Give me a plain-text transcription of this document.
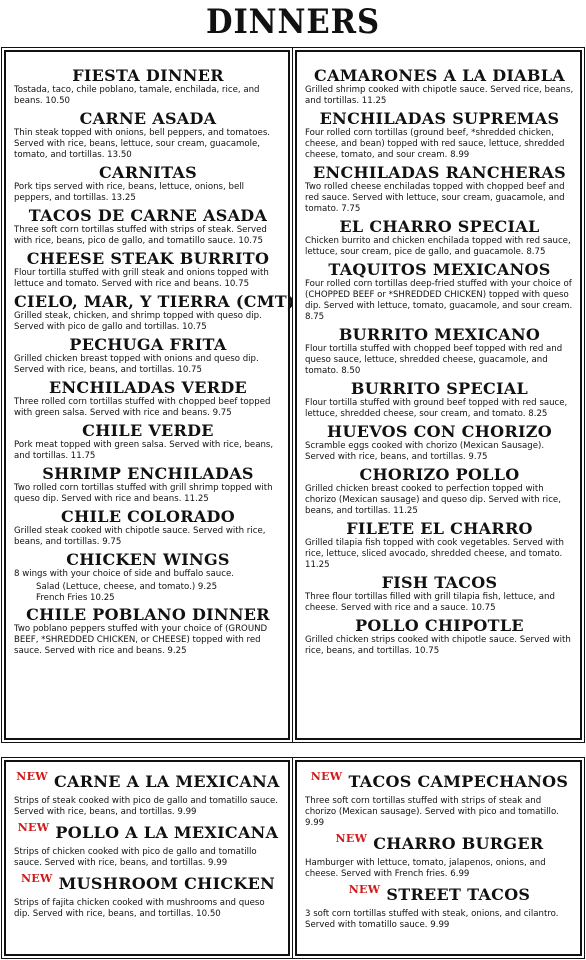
DINNERS
FIESTA DINNER
Tostada, taco, chile poblano, tamale, enchilada, rice, and beans. 10.50
CARNE ASADA
Thin steak topped with onions, bell peppers, and tomatoes. Served with rice, beans, lettuce, sour cream, guacamole, tomato, and tortillas. 13.50
CARNITAS
Pork tips served with rice, beans, lettuce, onions, bell peppers, and tortillas. 13.25
TACOS DE CARNE ASADA
Three soft corn tortillas stuffed with strips of steak. Served with rice, beans, pico de gallo, and tomatillo sauce. 10.75
CHEESE STEAK BURRITO
Flour tortilla stuffed with grill steak and onions topped with lettuce and tomato. Served with rice and beans. 10.75
CIELO, MAR, Y TIERRA (CMT)
Grilled steak, chicken, and shrimp topped with queso dip. Served with pico de gallo and tortillas. 10.75
PECHUGA FRITA
Grilled chicken breast topped with onions and queso dip. Served with rice, beans, and tortillas. 10.75
ENCHILADAS VERDE
Three rolled corn tortillas stuffed with chopped beef topped with green salsa. Served with rice and beans. 9.75
CHILE VERDE
Pork meat topped with green salsa. Served with rice, beans, and tortillas. 11.75
SHRIMP ENCHILADAS
Two rolled corn tortillas stuffed with grill shrimp topped with queso dip. Served with rice and beans. 11.25
CHILE COLORADO
Grilled steak cooked with chipotle sauce. Served with rice, beans, and tortillas. 9.75
CHICKEN WINGS
8 wings with your choice of side and buffalo sauce.
Salad (Lettuce, cheese, and tomato.) 9.25
French Fries 10.25
CHILE POBLANO DINNER
Two poblano peppers stuffed with your choice of (GROUND BEEF, *SHREDDED CHICKEN, or CHEESE) topped with red sauce. Served with rice and beans. 9.25
CAMARONES A LA DIABLA
Grilled shrimp cooked with chipotle sauce. Served rice, beans, and tortillas. 11.25
ENCHILADAS SUPREMAS
Four rolled corn tortillas (ground beef, *shredded chicken, cheese, and bean) topped with red sauce, lettuce, shredded cheese, tomato, and sour cream. 8.99
ENCHILADAS RANCHERAS
Two rolled cheese enchiladas topped with chopped beef and red sauce. Served with lettuce, sour cream, guacamole, and tomato. 7.75
EL CHARRO SPECIAL
Chicken burrito and chicken enchilada topped with red sauce, lettuce, sour cream, pice de gallo, and guacamole. 8.75
TAQUITOS MEXICANOS
Four rolled corn tortillas deep-fried stuffed with your choice of (CHOPPED BEEF or *SHREDDED CHICKEN) topped with queso dip. Served with lettuce, tomato, guacamole, and sour cream. 8.75
BURRITO MEXICANO
Flour tortilla stuffed with chopped beef topped with red and queso sauce, lettuce, shredded cheese, guacamole, and tomato. 8.50
BURRITO SPECIAL
Flour tortilla stuffed with ground beef topped with red sauce, lettuce, shredded cheese, sour cream, and tomato. 8.25
HUEVOS CON CHORIZO
Scramble eggs cooked with chorizo (Mexican Sausage). Served with rice, beans, and tortillas. 9.75
CHORIZO POLLO
Grilled chicken breast cooked to perfection topped with chorizo (Mexican sausage) and queso dip. Served with rice, beans, and tortillas. 11.25
FILETE EL CHARRO
Grilled tilapia fish topped with cook vegetables. Served with rice, lettuce, sliced avocado, shredded cheese, and tomato. 11.25
FISH TACOS
Three flour tortillas filled with grill tilapia fish, lettuce, and cheese. Served with rice and a sauce. 10.75
POLLO CHIPOTLE
Grilled chicken strips cooked with chipotle sauce. Served with rice, beans, and tortillas. 10.75
$^{NEW}$ CARNE A LA MEXICANA
Strips of steak cooked with pico de gallo and tomatillo sauce. Served with rice, beans, and tortillas. 9.99
$^{NEW}$ POLLO A LA MEXICANA
Strips of chicken cooked with pico de gallo and tomatillo sauce. Served with rice, beans, and tortillas. 9.99
$^{NEW}$ MUSHROOM CHICKEN
Strips of fajita chicken cooked with mushrooms and queso dip. Served with rice, beans, and tortillas. 10.50
$^{NEW}$ TACOS CAMPECHANOS
Three soft corn tortillas stuffed with strips of steak and chorizo (Mexican sausage). Served with pico and tomatillo. 9.99
$^{NEW}$ CHARRO BURGER
Hamburger with lettuce, tomato, jalapenos, onions, and cheese. Served with French fries. 6.99
$^{NEW}$ STREET TACOS
3 soft corn tortillas stuffed with steak, onions, and cilantro. Served with tomatillo sauce. 9.99
